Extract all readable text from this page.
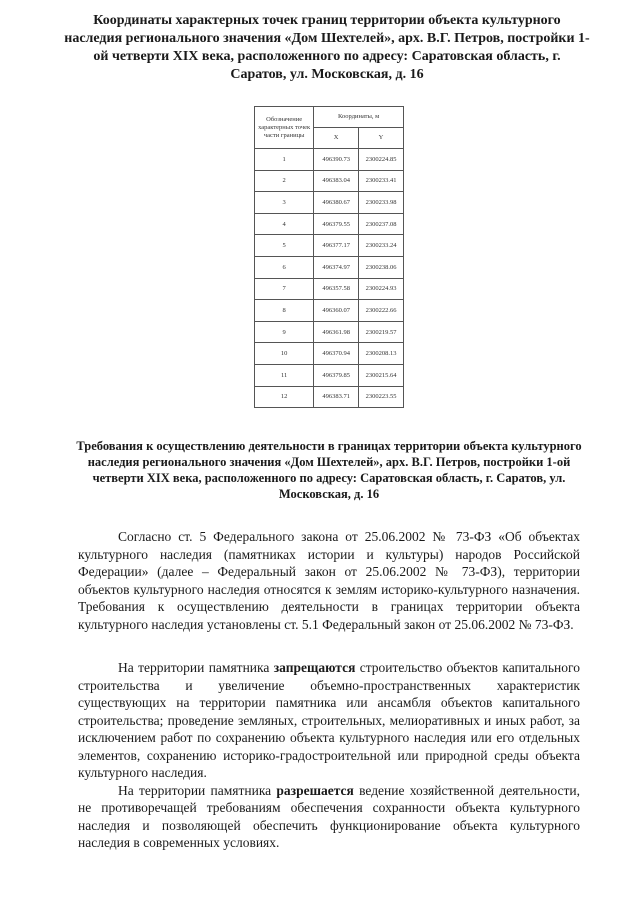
Координаты характерных точек границ территории объекта культурного наследия регионального значения «Дом Шехтелей», арх. В.Г. Петров, постройки 1-ой четверти XIX века, расположенного по адресу: Саратовская область, г. Саратов, ул. Московская, д. 16
Обозначение характерных точек части границы	Координаты, м	
	X	Y
1	496390.73	2300224.85
2	496383.04	2300233.41
3	496380.67	2300233.98
4	496379.55	2300237.08
5	496377.17	2300233.24
6	496374.97	2300238.06
7	496357.58	2300224.93
8	496360.07	2300222.66
9	496361.98	2300219.57
10	496370.94	2300208.13
11	496379.85	2300215.64
12	496383.71	2300223.55
Требования к осуществлению деятельности в границах территории объекта культурного наследия регионального значения «Дом Шехтелей», арх. В.Г. Петров, постройки 1-ой четверти XIX века, расположенного по адресу: Саратовская область, г. Саратов, ул. Московская, д. 16

Согласно ст. 5 Федерального закона от 25.06.2002 № 73-ФЗ «Об объектах культурного наследия (памятниках истории и культуры) народов Российской Федерации» (далее – Федеральный закон от 25.06.2002 № 73-ФЗ), территории объектов культурного наследия относятся к землям историко-культурного назначения. Требования к осуществлению деятельности в границах территории объекта культурного наследия установлены ст. 5.1 Федеральный закон от 25.06.2002 № 73-ФЗ.

На территории памятника запрещаются строительство объектов капитального строительства и увеличение объемно-пространственных характеристик существующих на территории памятника или ансамбля объектов капитального строительства; проведение земляных, строительных, мелиоративных и иных работ, за исключением работ по сохранению объекта культурного наследия или его отдельных элементов, сохранению историко-градостроительной или природной среды объекта культурного наследия.

На территории памятника разрешается ведение хозяйственной деятельности, не противоречащей требованиям обеспечения сохранности объекта культурного наследия и позволяющей обеспечить функционирование объекта культурного наследия в современных условиях.
